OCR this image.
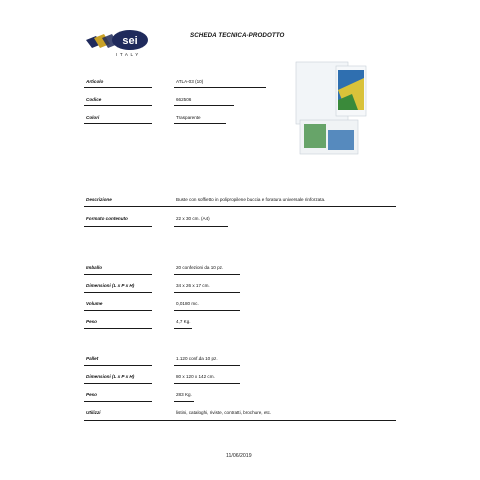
sei
ITALY
SCHEDA TECNICA-PRODOTTO
Articolo	ATLA-03 (10)
Codice	662506
Colori	Trasparente
Descrizione	Buste con soffietto in polipropilene buccia e foratura universale rinforzata.
Formato contenuto	22 x 30 cm. (A4)
Imballo	20 confezioni da 10 pz.
Dimensioni (L x P x H)	34 x 26 x 17 cm.
Volume	0,0180 mc.
Peso	4,7 Kg.
Pallet	1.120 conf.da 10 pz.
Dimensioni (L x P x H)	80 x 120 x 142 cm.
Peso	283 Kg.
Utilizzi	listini, cataloghi, riviste, contratti, brochure, etc.
11/06/2019
